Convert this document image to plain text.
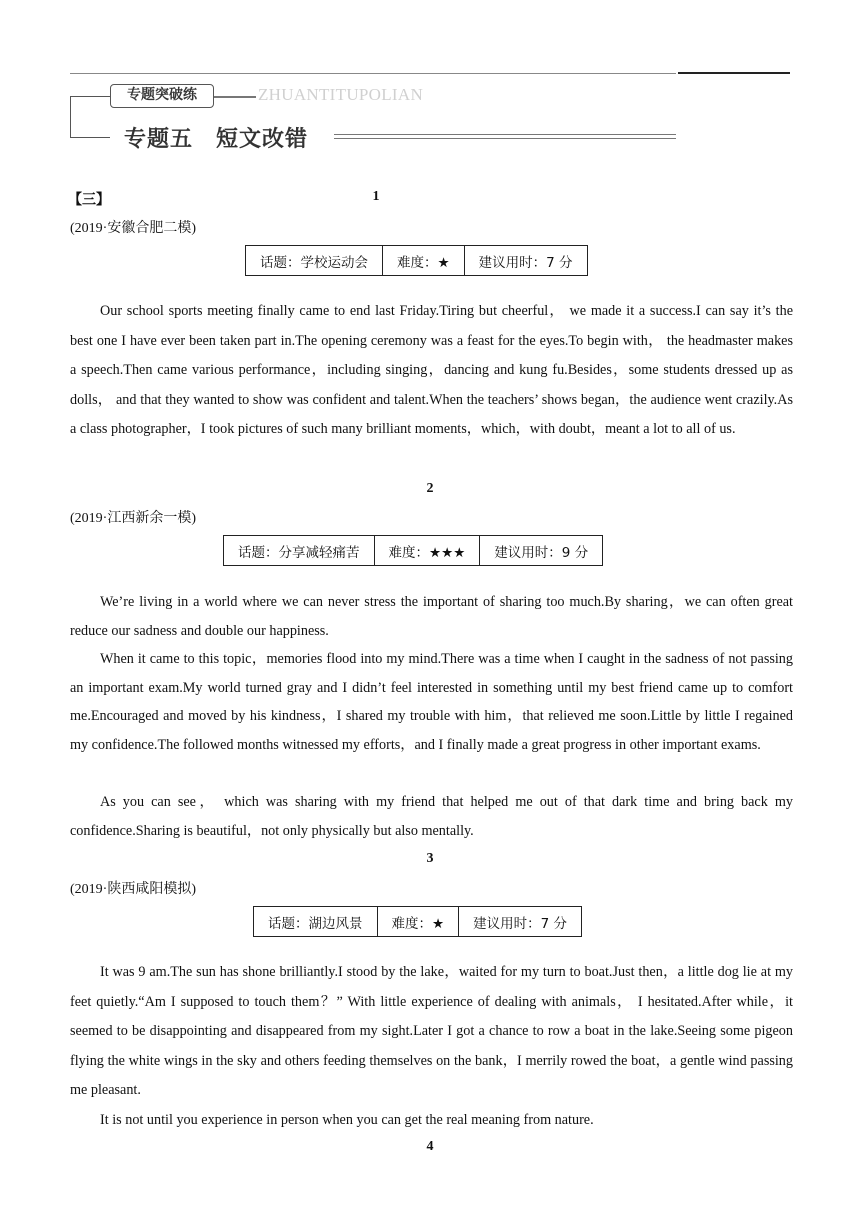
专题突破练	ZHUANTITUPOLIAN
专题五　短文改错
【三】	1
(2019·安徽合肥二模)
话题：学校运动会	难度：★	建议用时：7 分

Our school sports meeting finally came to end last Friday.Tiring but cheerful， we made it a success.I can say it’s the best one I have ever been taken part in.The opening ceremony was a feast for the eyes.To begin with， the headmaster makes a speech.Then came various performance，including singing，dancing and kung fu.Besides，some students dressed up as dolls， and that they wanted to show was confident and talent.When the teachers’ shows began，the audience went crazily.As a class photographer，I took pictures of such many brilliant moments，which，with doubt，meant a lot to all of us.

2
(2019·江西新余一模)
话题：分享减轻痛苦	难度：★★★	建议用时：9 分

We’re living in a world where we can never stress the important of sharing too much.By sharing，we can often great reduce our sadness and double our happiness.

When it came to this topic，memories flood into my mind.There was a time when I caught in the sadness of not passing an important exam.My world turned gray and I didn’t feel interested in something until my best friend came up to comfort me.Encouraged and moved by his kindness，I shared my trouble with him，that relieved me soon.Little by little I regained my confidence.The followed months witnessed my efforts，and I finally made a great progress in other important exams.

As you can see， which was sharing with my friend that helped me out of that dark time and bring back my confidence.Sharing is beautiful，not only physically but also mentally.

3
(2019·陕西咸阳模拟)
话题：湖边风景	难度：★	建议用时：7 分

It was 9 am.The sun has shone brilliantly.I stood by the lake，waited for my turn to boat.Just then，a little dog lie at my feet quietly.“Am I supposed to touch them？” With little experience of dealing with animals， I hesitated.After while，it seemed to be disappointing and disappeared from my sight.Later I got a chance to row a boat in the lake.Seeing some pigeon flying the white wings in the sky and others feeding themselves on the bank，I merrily rowed the boat，a gentle wind passing me pleasant.

It is not until you experience in person when you can get the real meaning from nature.

4
